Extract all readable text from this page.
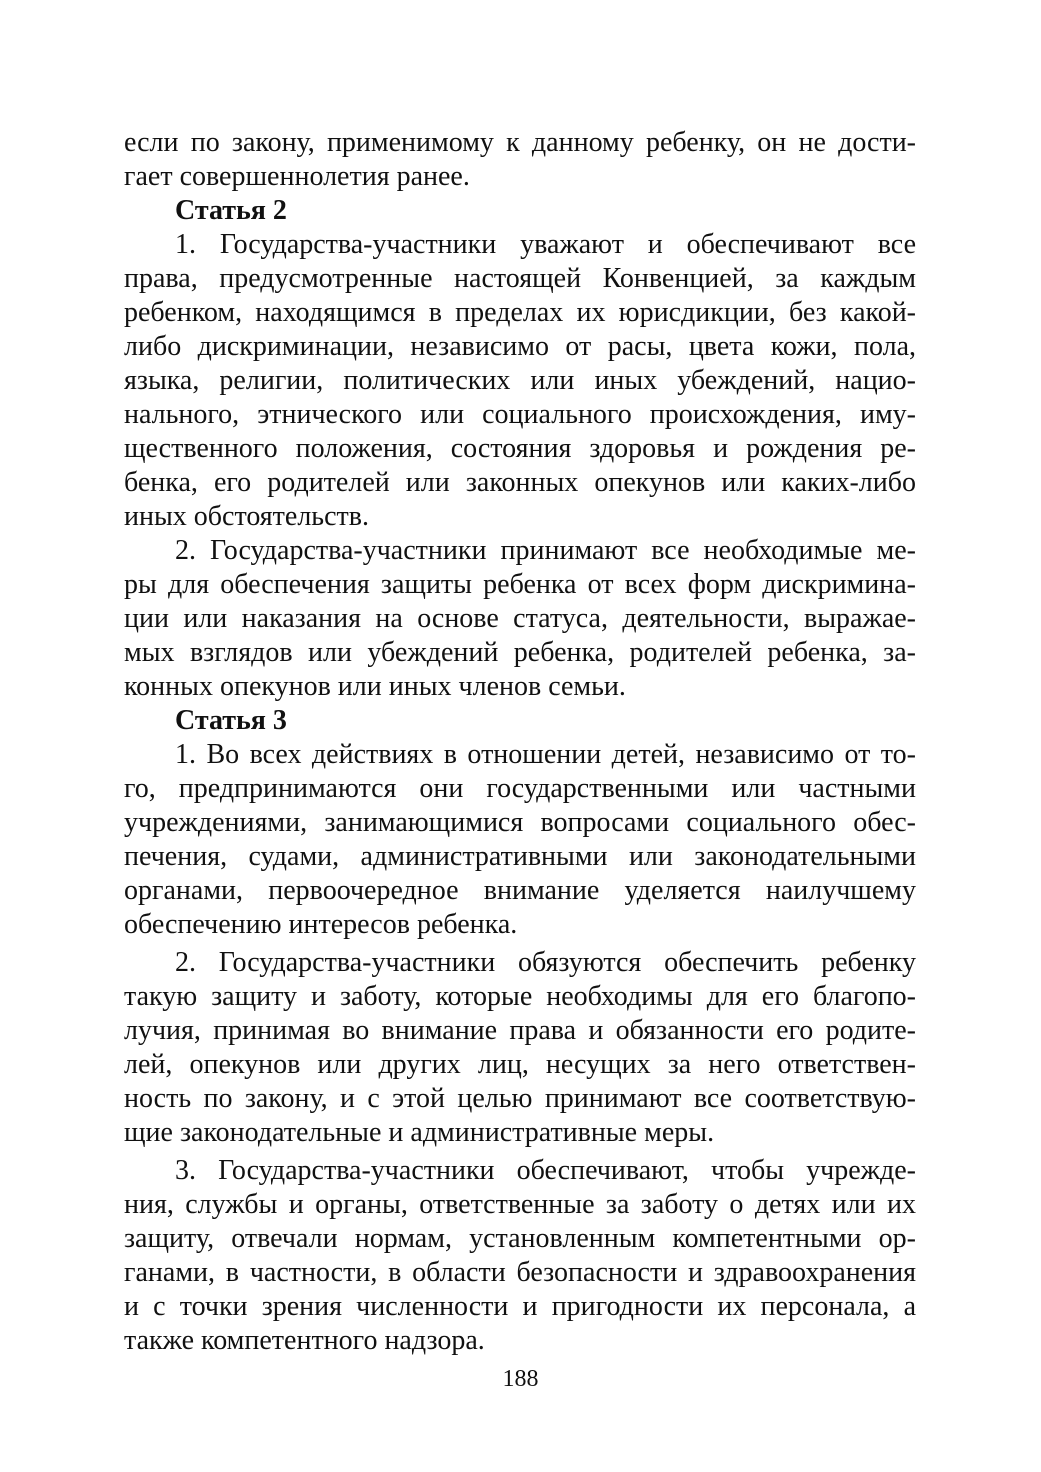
если по закону, применимому к данному ребенку, он не дости-
гает совершеннолетия ранее.
Статья 2
1. Государства-участники уважают и обеспечивают все
права, предусмотренные настоящей Конвенцией, за каждым
ребенком, находящимся в пределах их юрисдикции, без какой-
либо дискриминации, независимо от расы, цвета кожи, пола,
языка, религии, политических или иных убеждений, нацио-
нального, этнического или социального происхождения, иму-
щественного положения, состояния здоровья и рождения ре-
бенка, его родителей или законных опекунов или каких-либо
иных обстоятельств.
2. Государства-участники принимают все необходимые ме-
ры для обеспечения защиты ребенка от всех форм дискримина-
ции или наказания на основе статуса, деятельности, выражае-
мых взглядов или убеждений ребенка, родителей ребенка, за-
конных опекунов или иных членов семьи.
Статья 3
1. Во всех действиях в отношении детей, независимо от то-
го, предпринимаются они государственными или частными
учреждениями, занимающимися вопросами социального обес-
печения, судами, административными или законодательными
органами, первоочередное внимание уделяется наилучшему
обеспечению интересов ребенка.
2. Государства-участники обязуются обеспечить ребенку
такую защиту и заботу, которые необходимы для его благопо-
лучия, принимая во внимание права и обязанности его родите-
лей, опекунов или других лиц, несущих за него ответствен-
ность по закону, и с этой целью принимают все соответствую-
щие законодательные и административные меры.
3. Государства-участники обеспечивают, чтобы учрежде-
ния, службы и органы, ответственные за заботу о детях или их
защиту, отвечали нормам, установленным компетентными ор-
ганами, в частности, в области безопасности и здравоохранения
и с точки зрения численности и пригодности их персонала, а
также компетентного надзора.
188
